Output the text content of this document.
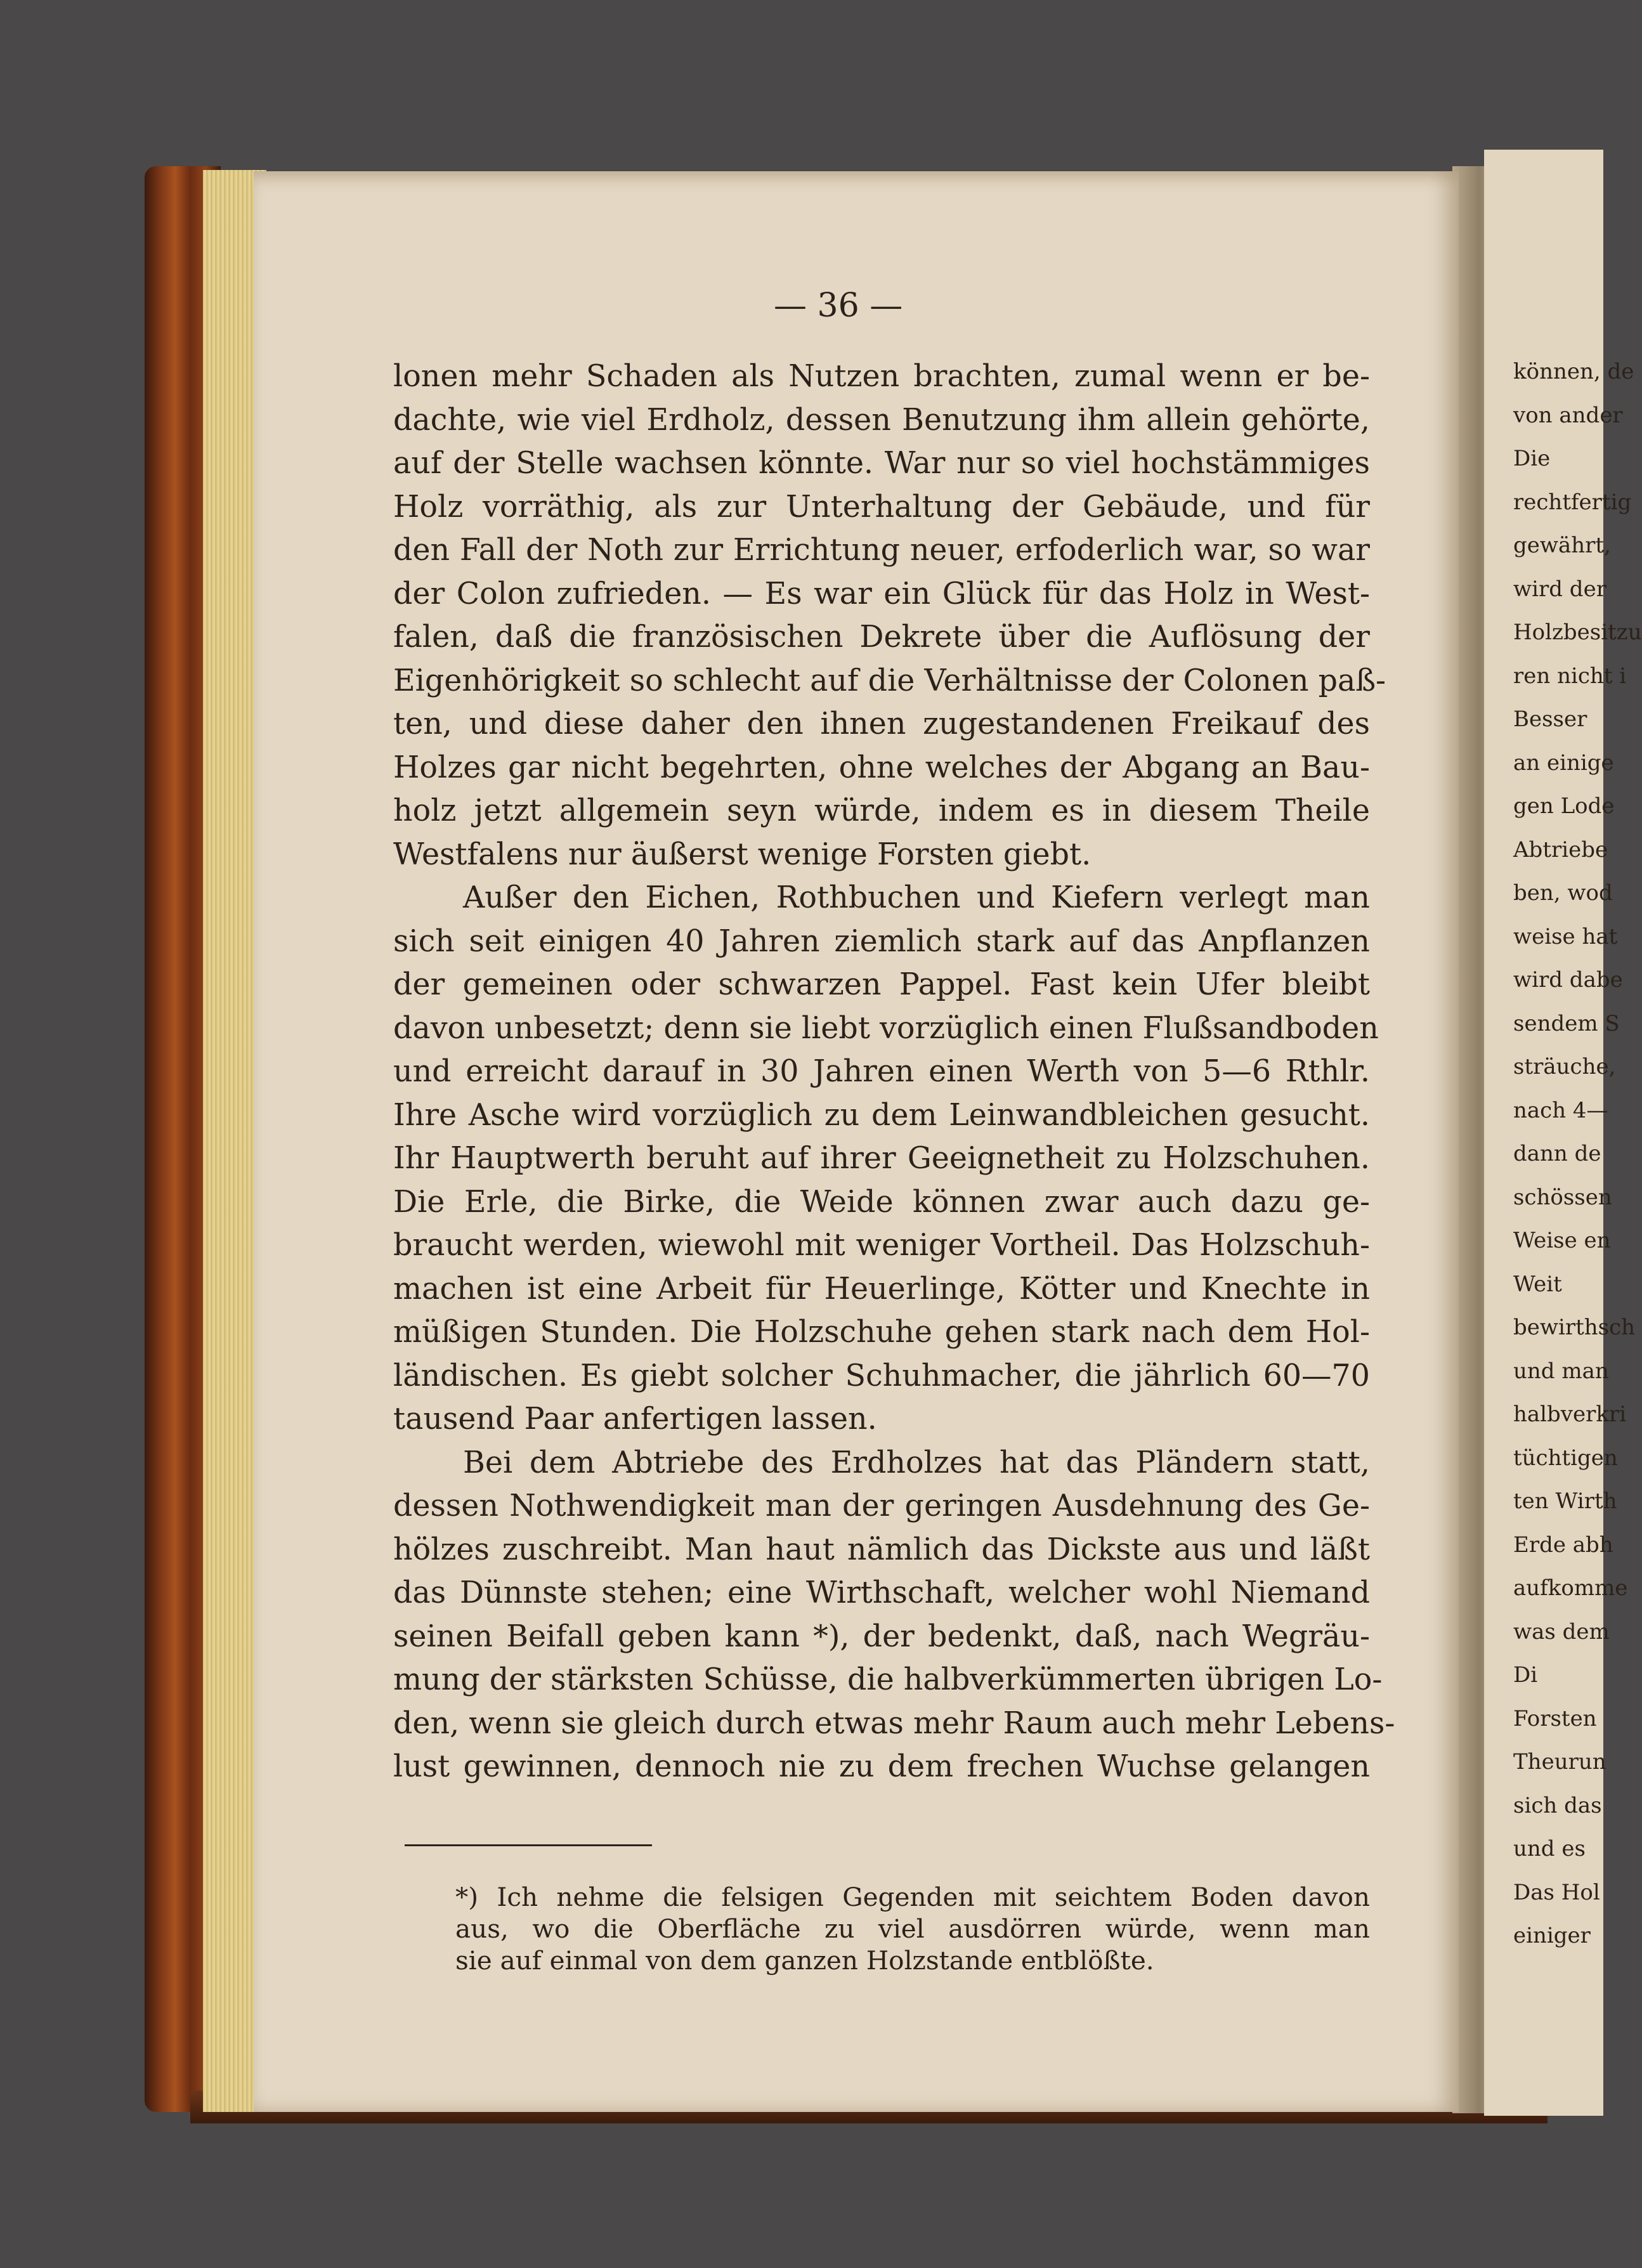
können, de
von ander
Die
rechtfertig
gewährt,
wird der
Holzbesitzu
ren nicht i
Besser
an einige
gen Lode
Abtriebe
ben, wod
weise hat
wird dabe
sendem S
sträuche,
nach 4—
dann de
schössen
Weise en
Weit
bewirthsch
und man
halbverkri
tüchtigen
ten Wirth
Erde abh
aufkomme
was dem
Di
Forsten
Theurun
sich das
und es
Das Hol
einiger
— 36 —

lonen mehr Schaden als Nutzen brachten, zumal wenn er be-
dachte, wie viel Erdholz, dessen Benutzung ihm allein gehörte,
auf der Stelle wachsen könnte. War nur so viel hochstämmiges
Holz vorräthig, als zur Unterhaltung der Gebäude, und für
den Fall der Noth zur Errichtung neuer, erfoderlich war, so war
der Colon zufrieden. — Es war ein Glück für das Holz in West-
falen, daß die französischen Dekrete über die Auflösung der
Eigenhörigkeit so schlecht auf die Verhältnisse der Colonen paß-
ten, und diese daher den ihnen zugestandenen Freikauf des
Holzes gar nicht begehrten, ohne welches der Abgang an Bau-
holz jetzt allgemein seyn würde, indem es in diesem Theile
Westfalens nur äußerst wenige Forsten giebt.

Außer den Eichen, Rothbuchen und Kiefern verlegt man
sich seit einigen 40 Jahren ziemlich stark auf das Anpflanzen
der gemeinen oder schwarzen Pappel. Fast kein Ufer bleibt
davon unbesetzt; denn sie liebt vorzüglich einen Flußsandboden
und erreicht darauf in 30 Jahren einen Werth von 5—6 Rthlr.
Ihre Asche wird vorzüglich zu dem Leinwandbleichen gesucht.
Ihr Hauptwerth beruht auf ihrer Geeignetheit zu Holzschuhen.
Die Erle, die Birke, die Weide können zwar auch dazu ge-
braucht werden, wiewohl mit weniger Vortheil. Das Holzschuh-
machen ist eine Arbeit für Heuerlinge, Kötter und Knechte in
müßigen Stunden. Die Holzschuhe gehen stark nach dem Hol-
ländischen. Es giebt solcher Schuhmacher, die jährlich 60—70
tausend Paar anfertigen lassen.

Bei dem Abtriebe des Erdholzes hat das Pländern statt,
dessen Nothwendigkeit man der geringen Ausdehnung des Ge-
hölzes zuschreibt. Man haut nämlich das Dickste aus und läßt
das Dünnste stehen; eine Wirthschaft, welcher wohl Niemand
seinen Beifall geben kann *), der bedenkt, daß, nach Wegräu-
mung der stärksten Schüsse, die halbverkümmerten übrigen Lo-
den, wenn sie gleich durch etwas mehr Raum auch mehr Lebens-
lust gewinnen, dennoch nie zu dem frechen Wuchse gelangen

*) Ich nehme die felsigen Gegenden mit seichtem Boden davon
aus, wo die Oberfläche zu viel ausdörren würde, wenn man
sie auf einmal von dem ganzen Holzstande entblößte.
